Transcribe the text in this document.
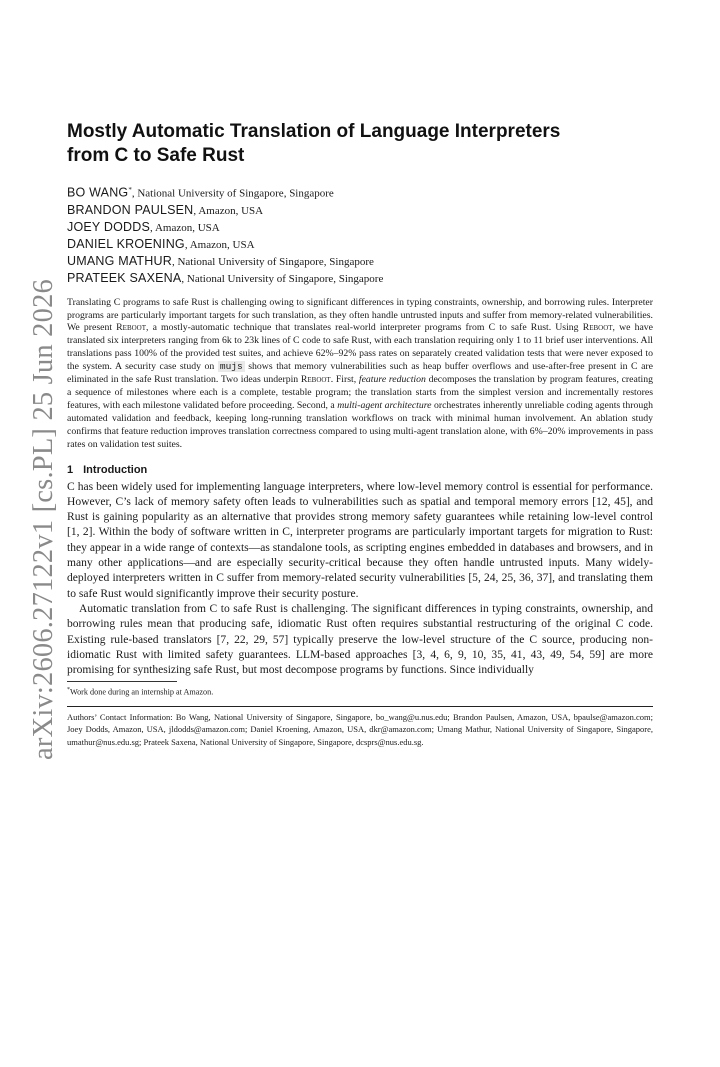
arXiv:2606.27122v1 [cs.PL] 25 Jun 2026
Mostly Automatic Translation of Language Interpreters
from C to Safe Rust
BO WANG*, National University of Singapore, Singapore
BRANDON PAULSEN, Amazon, USA
JOEY DODDS, Amazon, USA
DANIEL KROENING, Amazon, USA
UMANG MATHUR, National University of Singapore, Singapore
PRATEEK SAXENA, National University of Singapore, Singapore
Translating C programs to safe Rust is challenging owing to significant differences in typing constraints, ownership, and borrowing rules. Interpreter programs are particularly important targets for such translation, as they often handle untrusted inputs and suffer from memory-related vulnerabilities. We present Reboot, a mostly-automatic technique that translates real-world interpreter programs from C to safe Rust. Using Reboot, we have translated six interpreters ranging from 6k to 23k lines of C code to safe Rust, with each translation requiring only 1 to 11 brief user interventions. All translations pass 100% of the provided test suites, and achieve 62%–92% pass rates on separately created validation tests that were never exposed to the system. A security case study on mujs shows that memory vulnerabilities such as heap buffer overflows and use-after-free present in C are eliminated in the safe Rust translation. Two ideas underpin Reboot. First, feature reduction decomposes the translation by program features, creating a sequence of milestones where each is a complete, testable program; the translation starts from the simplest version and incrementally restores features, with each milestone validated before proceeding. Second, a multi-agent architecture orchestrates inherently unreliable coding agents through automated validation and feedback, keeping long-running translation workflows on track with minimal human involvement. An ablation study confirms that feature reduction improves translation correctness compared to using multi-agent translation alone, with 6%–20% improvements in pass rates on validation test suites.
1 Introduction

C has been widely used for implementing language interpreters, where low-level memory control is essential for performance. However, C’s lack of memory safety often leads to vulnerabilities such as spatial and temporal memory errors [12, 45], and Rust is gaining popularity as an alternative that provides strong memory safety guarantees while retaining low-level control [1, 2]. Within the body of software written in C, interpreter programs are particularly important targets for migration to Rust: they appear in a wide range of contexts—as standalone tools, as scripting engines embedded in databases and browsers, and in many other applications—and are especially security-critical because they often handle untrusted inputs. Many widely-deployed interpreters written in C suffer from memory-related security vulnerabilities [5, 24, 25, 36, 37], and translating them to safe Rust would significantly improve their security posture.

Automatic translation from C to safe Rust is challenging. The significant differences in typing constraints, ownership, and borrowing rules mean that producing safe, idiomatic Rust often requires substantial restructuring of the original C code. Existing rule-based translators [7, 22, 29, 57] typically preserve the low-level structure of the C source, producing non-idiomatic Rust with limited safety guarantees. LLM-based approaches [3, 4, 6, 9, 10, 35, 41, 43, 49, 54, 59] are more promising for synthesizing safe Rust, but most decompose programs by functions. Since individually

*Work done during an internship at Amazon.
Authors’ Contact Information: Bo Wang, National University of Singapore, Singapore, bo_wang@u.nus.edu; Brandon Paulsen, Amazon, USA, bpaulse@amazon.com; Joey Dodds, Amazon, USA, jldodds@amazon.com; Daniel Kroening, Amazon, USA, dkr@amazon.com; Umang Mathur, National University of Singapore, Singapore, umathur@nus.edu.sg; Prateek Saxena, National University of Singapore, Singapore, dcsprs@nus.edu.sg.
